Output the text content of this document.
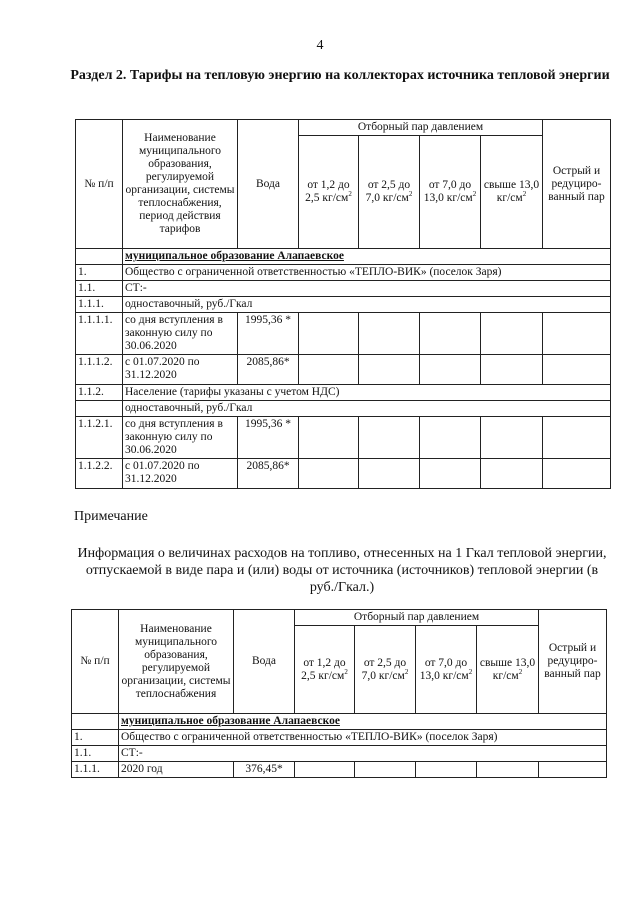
4
Раздел 2. Тарифы на тепловую энергию на коллекторах источника тепловой энергии
№ п/п	Наименование муниципального образования, регулируемой организации, системы теплоснабжения, период действия тарифов	Вода	Отборный пар давлением				Острый и редуциро-ванный пар
			от 1,2 до 2,5 $кг/см^2$	от 2,5 до 7,0 $кг/см^2$	от 7,0 до 13,0 $кг/см^2$	свыше 13,0 $кг/см^2$
	муниципальное образование Алапаевское						
1.	Общество с ограниченной ответственностью «ТЕПЛО-ВИК» (поселок Заря)						
1.1.	СТ:-						
1.1.1.	одноставочный, руб./Гкал						
1.1.1.1.	со дня вступления в законную силу по 30.06.2020	1995,36 *					
1.1.1.2.	с 01.07.2020 по 31.12.2020	2085,86*					
1.1.2.	Население (тарифы указаны с учетом НДС)						
	одноставочный, руб./Гкал						
1.1.2.1.	со дня вступления в законную силу по 30.06.2020	1995,36 *					
1.1.2.2.	с 01.07.2020 по 31.12.2020	2085,86*					
Примечание
Информация о величинах расходов на топливо, отнесенных на 1 Гкал тепловой энергии, отпускаемой в виде пара и (или) воды от источника (источников) тепловой энергии (в руб./Гкал.)
№ п/п	Наименование муниципального образования, регулируемой организации, системы теплоснабжения	Вода	Отборный пар давлением				Острый и редуциро-ванный пар
			от 1,2 до 2,5 $кг/см^2$	от 2,5 до 7,0 $кг/см^2$	от 7,0 до 13,0 $кг/см^2$	свыше 13,0 $кг/см^2$
	муниципальное образование Алапаевское						
1.	Общество с ограниченной ответственностью «ТЕПЛО-ВИК» (поселок Заря)						
1.1.	СТ:-						
1.1.1.	2020 год	376,45*					
